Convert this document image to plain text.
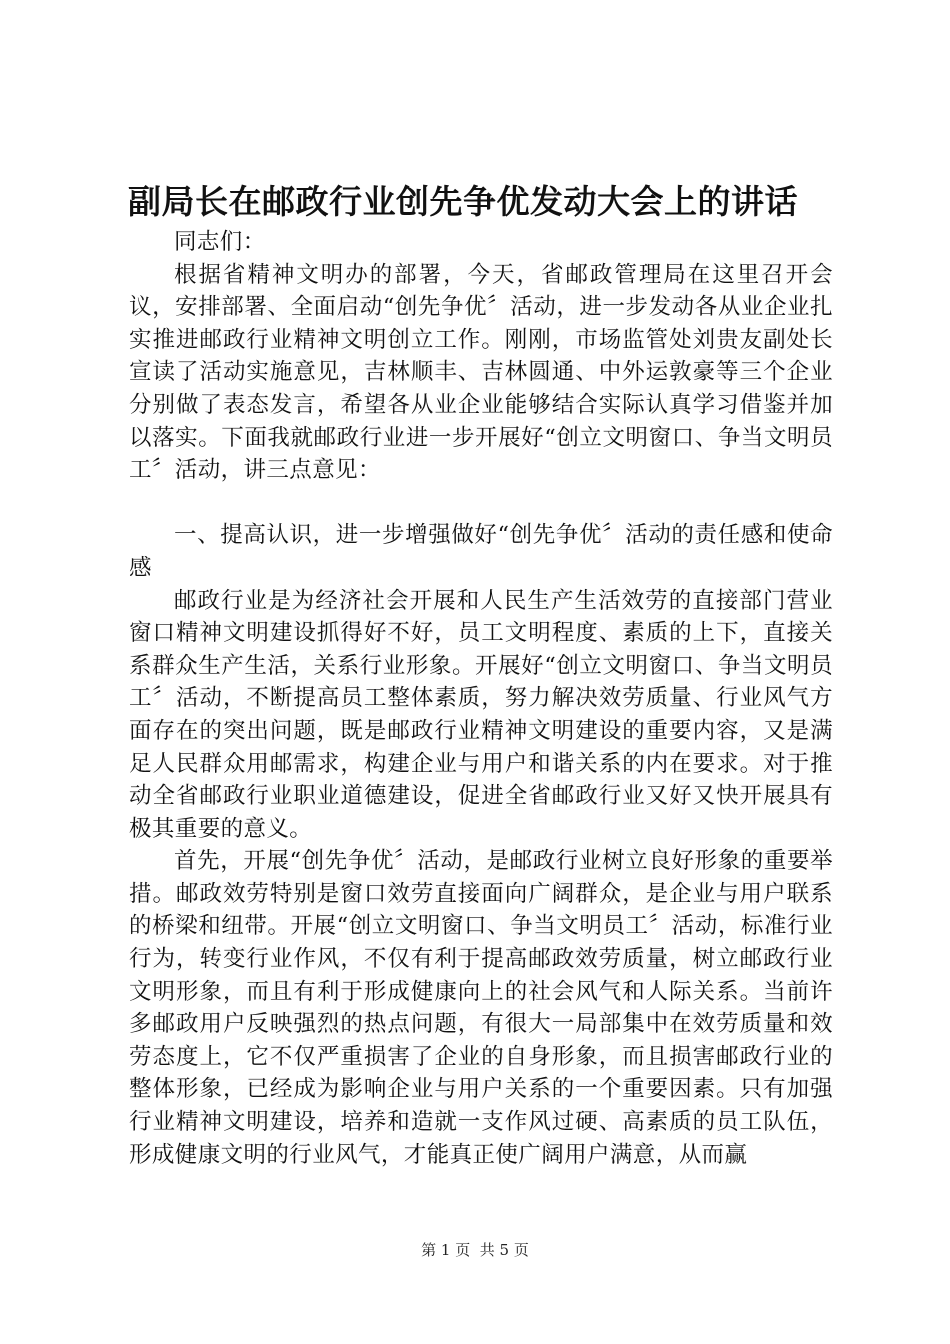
副局长在邮政行业创先争优发动大会上的讲话

同志们：

根据省精神文明办的部署，今天，省邮政管理局在这里召开会议，安排部署、全面启动“创先争优〞活动，进一步发动各从业企业扎实推进邮政行业精神文明创立工作。刚刚，市场监管处刘贵友副处长宣读了活动实施意见，吉林顺丰、吉林圆通、中外运敦豪等三个企业分别做了表态发言，希望各从业企业能够结合实际认真学习借鉴并加以落实。下面我就邮政行业进一步开展好“创立文明窗口、争当文明员工〞活动，讲三点意见：

一、提高认识，进一步增强做好“创先争优〞活动的责任感和使命感

邮政行业是为经济社会开展和人民生产生活效劳的直接部门营业窗口精神文明建设抓得好不好，员工文明程度、素质的上下，直接关系群众生产生活，关系行业形象。开展好“创立文明窗口、争当文明员工〞活动，不断提高员工整体素质，努力解决效劳质量、行业风气方面存在的突出问题，既是邮政行业精神文明建设的重要内容，又是满足人民群众用邮需求，构建企业与用户和谐关系的内在要求。对于推动全省邮政行业职业道德建设，促进全省邮政行业又好又快开展具有极其重要的意义。

首先，开展“创先争优〞活动，是邮政行业树立良好形象的重要举措。邮政效劳特别是窗口效劳直接面向广阔群众，是企业与用户联系的桥梁和纽带。开展“创立文明窗口、争当文明员工〞活动，标准行业行为，转变行业作风，不仅有利于提高邮政效劳质量，树立邮政行业文明形象，而且有利于形成健康向上的社会风气和人际关系。当前许多邮政用户反映强烈的热点问题，有很大一局部集中在效劳质量和效劳态度上，它不仅严重损害了企业的自身形象，而且损害邮政行业的整体形象，已经成为影响企业与用户关系的一个重要因素。只有加强行业精神文明建设，培养和造就一支作风过硬、高素质的员工队伍，形成健康文明的行业风气，才能真正使广阔用户满意，从而赢

第 1 页  共 5 页
